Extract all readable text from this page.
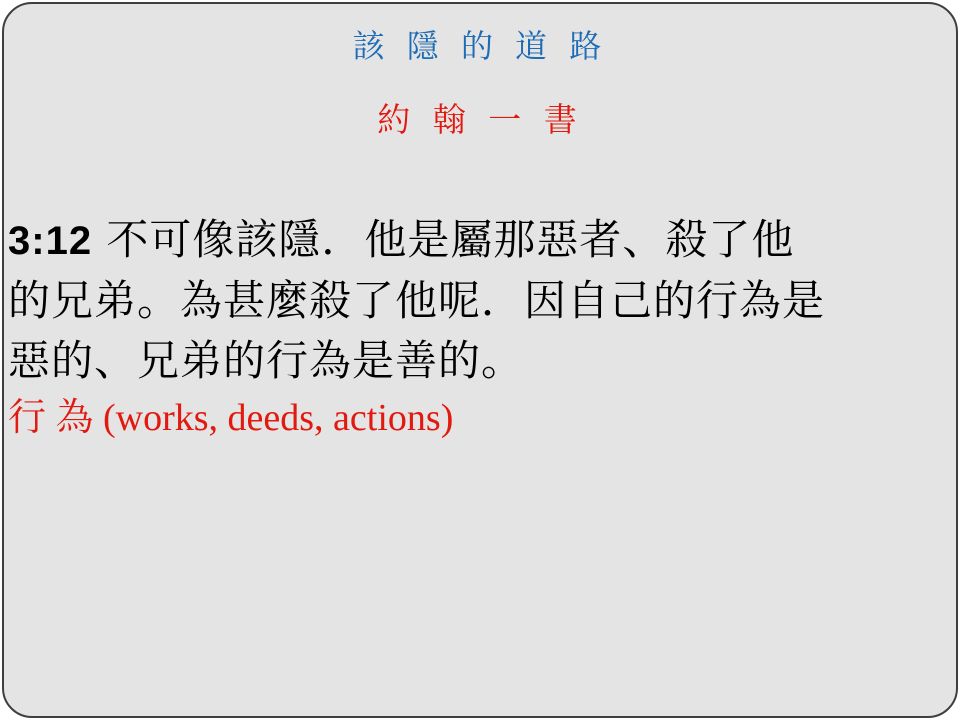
該 隱 的 道 路
約 翰 一 書
3:12 不可像該隱．他是屬那惡者、殺了他
的兄弟。為甚麼殺了他呢．因自己的行為是
惡的、兄弟的行為是善的。
行 為 (works, deeds, actions)
